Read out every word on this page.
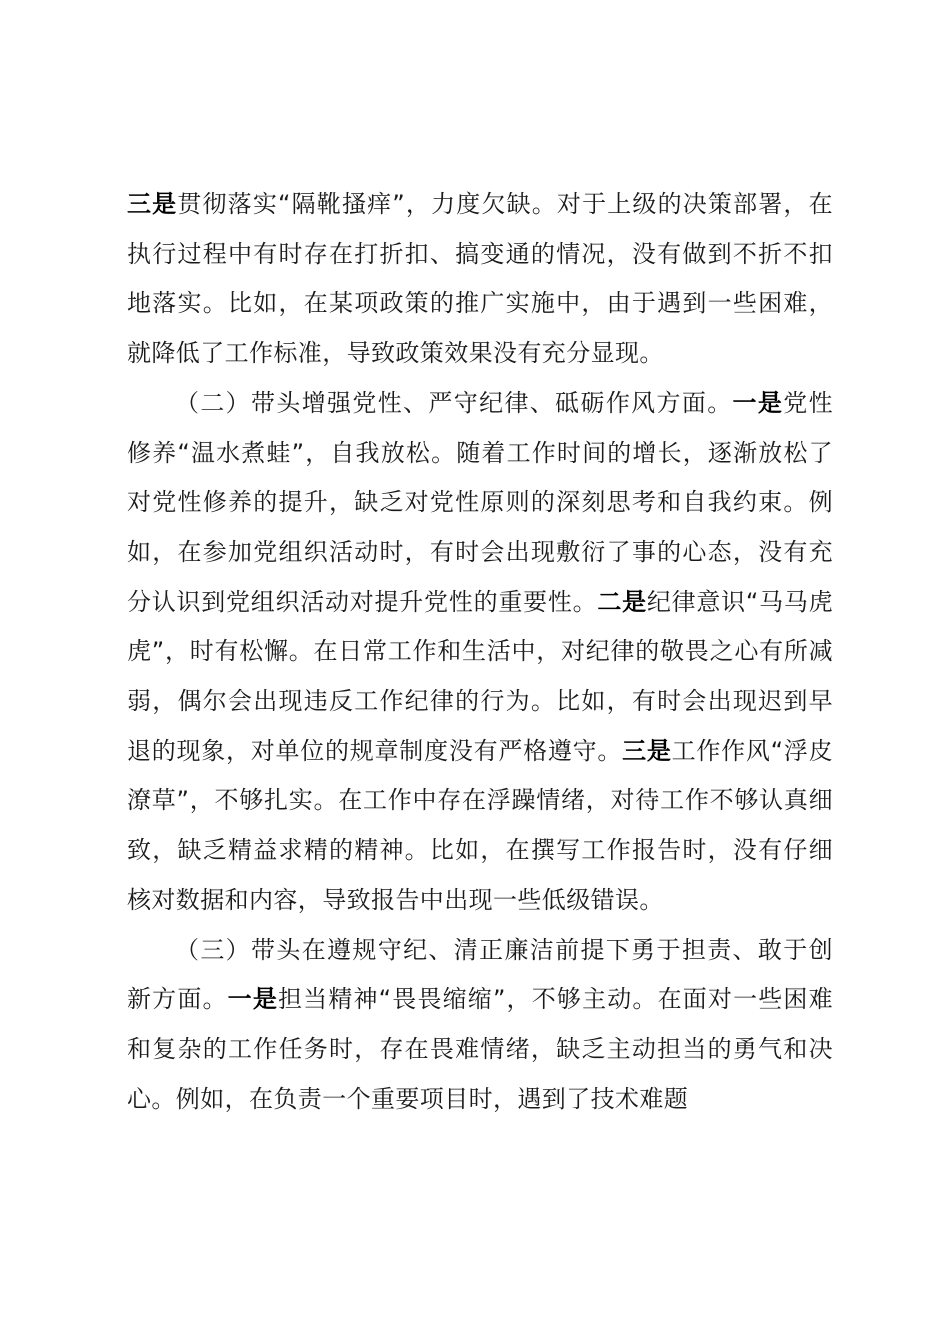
三是贯彻落实“隔靴搔痒”，力度欠缺。对于上级的决策部署，在执行过程中有时存在打折扣、搞变通的情况，没有做到不折不扣地落实。比如，在某项政策的推广实施中，由于遇到一些困难，就降低了工作标准，导致政策效果没有充分显现。

（二）带头增强党性、严守纪律、砥砺作风方面。一是党性修养“温水煮蛙”，自我放松。随着工作时间的增长，逐渐放松了对党性修养的提升，缺乏对党性原则的深刻思考和自我约束。例如，在参加党组织活动时，有时会出现敷衍了事的心态，没有充分认识到党组织活动对提升党性的重要性。二是纪律意识“马马虎虎”，时有松懈。在日常工作和生活中，对纪律的敬畏之心有所减弱，偶尔会出现违反工作纪律的行为。比如，有时会出现迟到早退的现象，对单位的规章制度没有严格遵守。三是工作作风“浮皮潦草”，不够扎实。在工作中存在浮躁情绪，对待工作不够认真细致，缺乏精益求精的精神。比如，在撰写工作报告时，没有仔细核对数据和内容，导致报告中出现一些低级错误。

（三）带头在遵规守纪、清正廉洁前提下勇于担责、敢于创新方面。一是担当精神“畏畏缩缩”，不够主动。在面对一些困难和复杂的工作任务时，存在畏难情绪，缺乏主动担当的勇气和决心。例如，在负责一个重要项目时，遇到了技术难题
